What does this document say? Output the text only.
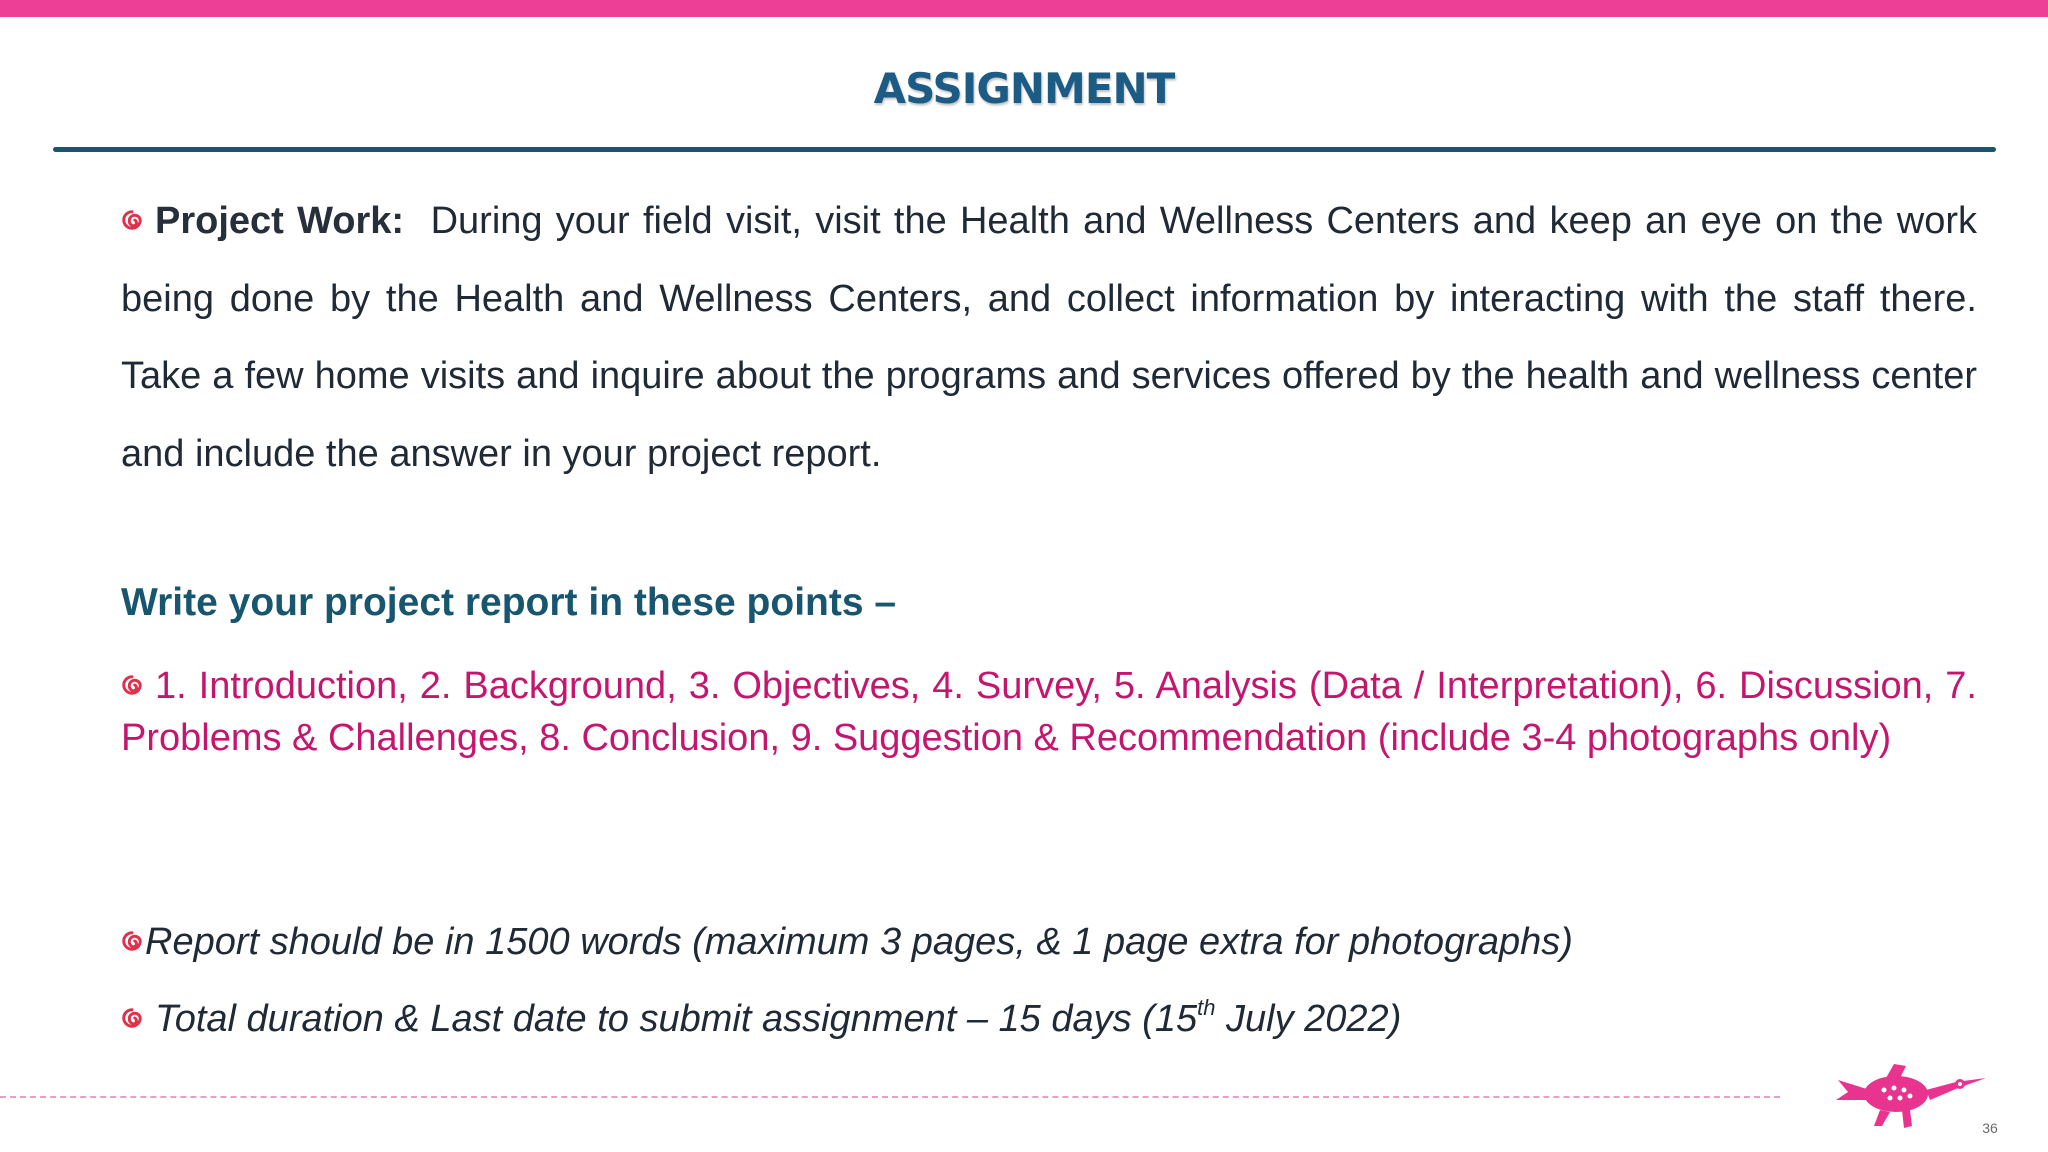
ASSIGNMENT
Project Work: During your field visit, visit the Health and Wellness Centers and keep an eye on the work being done by the Health and Wellness Centers, and collect information by interacting with the staff there. Take a few home visits and inquire about the programs and services offered by the health and wellness center and include the answer in your project report.
Write your project report in these points –
1. Introduction, 2. Background, 3. Objectives, 4. Survey, 5. Analysis (Data / Interpretation), 6. Discussion, 7. Problems & Challenges, 8. Conclusion, 9. Suggestion & Recommendation (include 3-4 photographs only)
Report should be in 1500 words (maximum 3 pages, & 1 page extra for photographs)
Total duration & Last date to submit assignment – 15 days (15th July 2022)
36
